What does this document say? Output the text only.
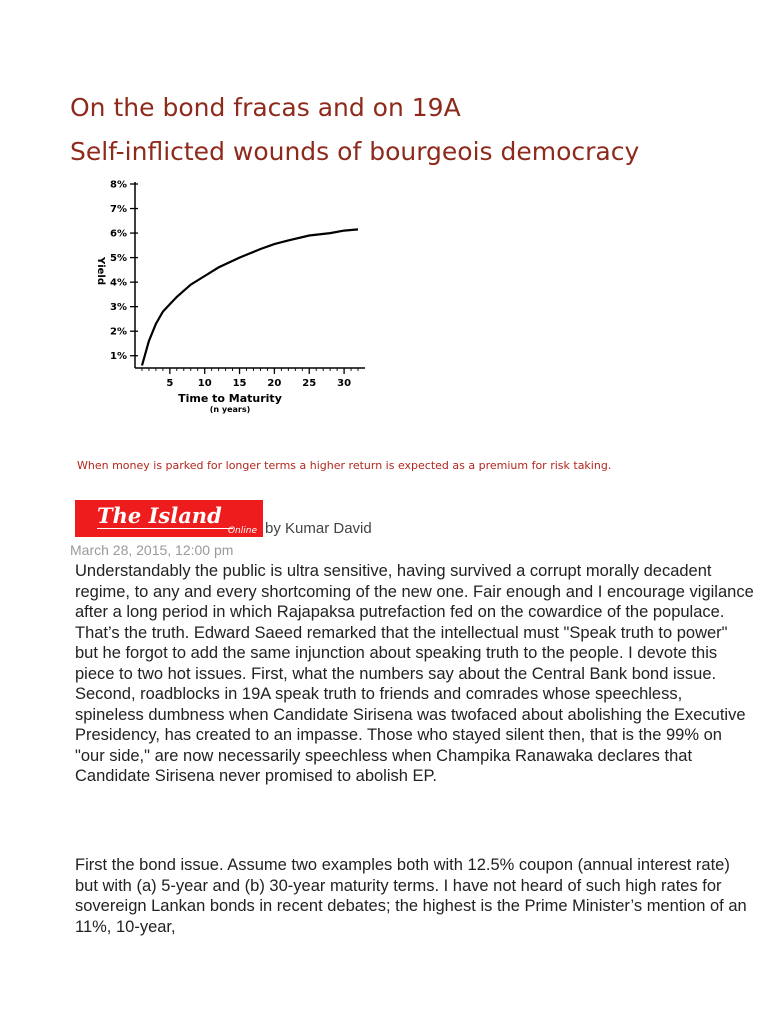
On the bond fracas and on 19A
Self-inflicted wounds of bourgeois democracy
1%
2%
3%
4%
5%
6%
7%
8%
5 10 15 20 25 30
Yield
Time to Maturity
(n years)
When money is parked for longer terms a higher return is expected as a premium for risk taking.
The Island
Online by Kumar David
March 28, 2015, 12:00 pm

Understandably the public is ultra sensitive, having survived a corrupt morally decadent regime, to any and every shortcoming of the new one. Fair enough and I encourage vigilance after a long period in which Rajapaksa putrefaction fed on the cowardice of the populace. That’s the truth. Edward Saeed remarked that the intellectual must "Speak truth to power" but he forgot to add the same injunction about speaking truth to the people. I devote this piece to two hot issues. First, what the numbers say about the Central Bank bond issue. Second, roadblocks in 19A speak truth to friends and comrades whose speechless, spineless dumbness when Candidate Sirisena was twofaced about abolishing the Executive Presidency, has created to an impasse. Those who stayed silent then, that is the 99% on "our side," are now necessarily speechless when Champika Ranawaka declares that Candidate Sirisena never promised to abolish EP.

First the bond issue. Assume two examples both with 12.5% coupon (annual interest rate) but with (a) 5-year and (b) 30-year maturity terms. I have not heard of such high rates for sovereign Lankan bonds in recent debates; the highest is the Prime Minister’s mention of an 11%, 10-year,
